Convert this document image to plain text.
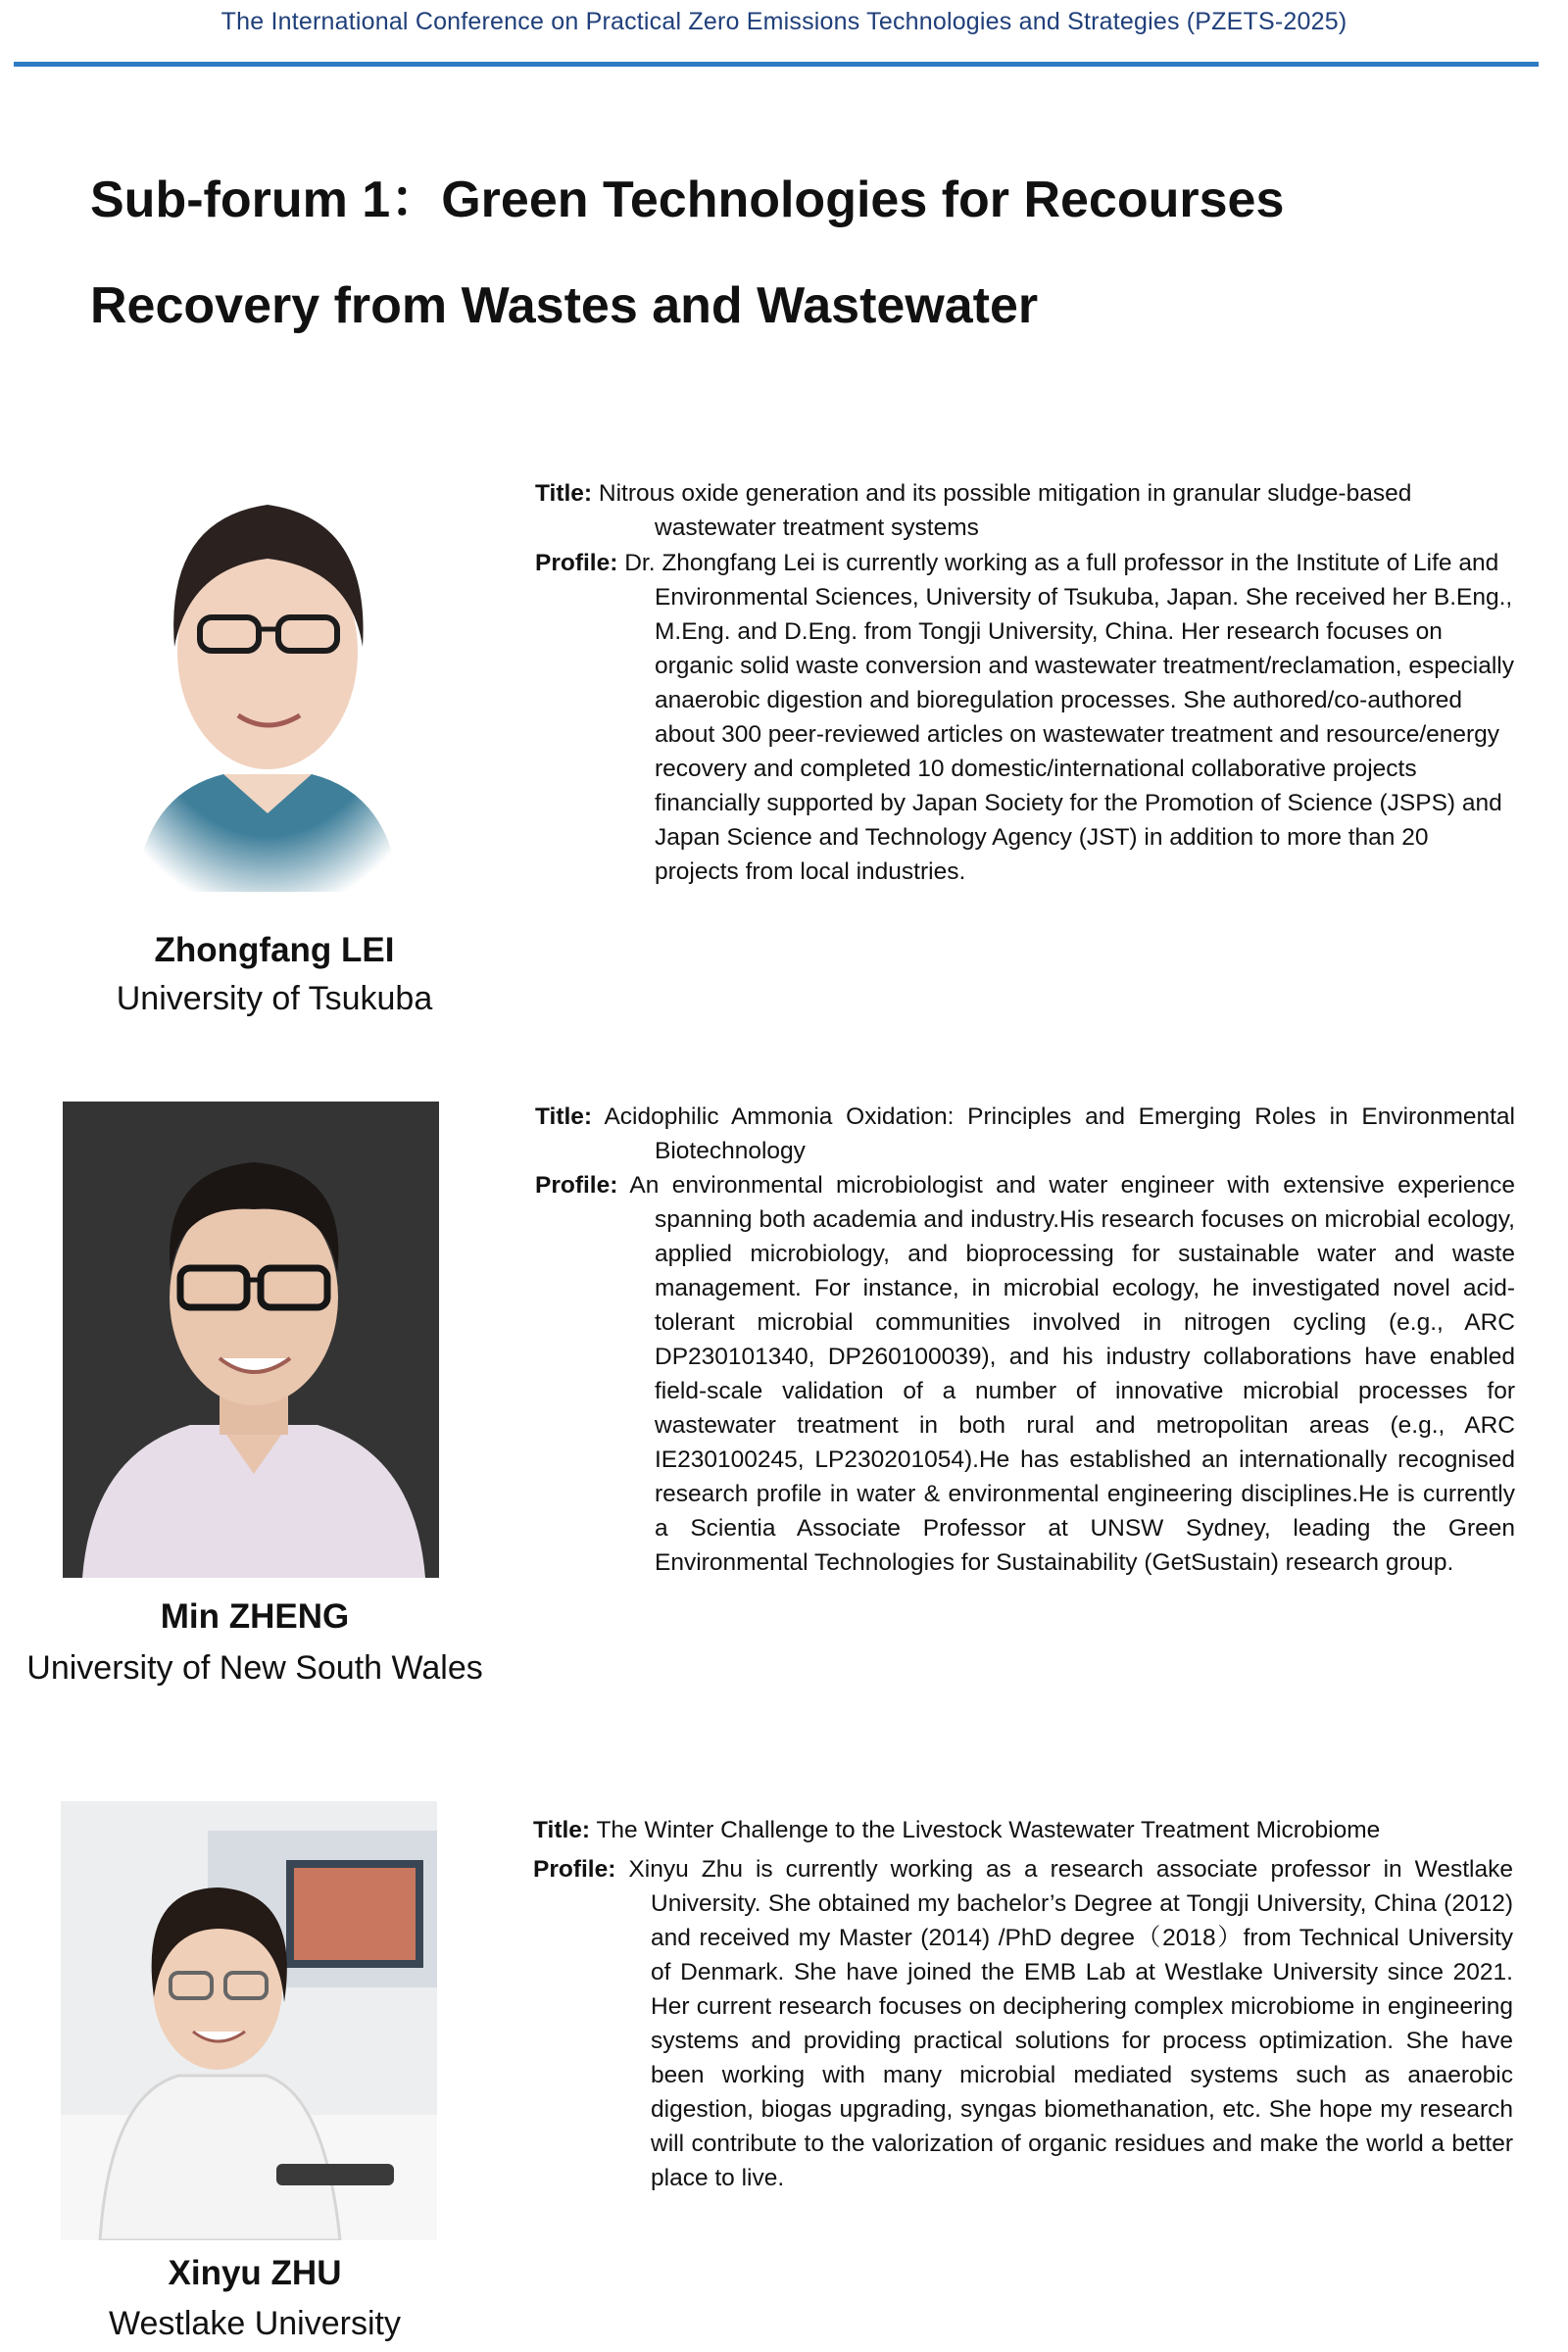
The International Conference on Practical Zero Emissions Technologies and Strategies (PZETS-2025)
Sub-forum 1：Green Technologies for Recourses
Recovery from Wastes and Wastewater
Zhongfang LEI
University of Tsukuba
Title: Nitrous oxide generation and its possible mitigation in granular sludge-based wastewater treatment systems
Profile: Dr. Zhongfang Lei is currently working as a full professor in the Institute of Life and Environmental Sciences, University of Tsukuba, Japan. She received her B.Eng., M.Eng. and D.Eng. from Tongji University, China. Her research focuses on organic solid waste conversion and wastewater treatment/reclamation, especially anaerobic digestion and bioregulation processes. She authored/co-authored about 300 peer-reviewed articles on wastewater treatment and resource/energy recovery and completed 10 domestic/international collaborative projects financially supported by Japan Society for the Promotion of Science (JSPS) and Japan Science and Technology Agency (JST) in addition to more than 20 projects from local industries.
Min ZHENG
University of New South Wales
Title: Acidophilic Ammonia Oxidation: Principles and Emerging Roles in Environmental Biotechnology
Profile: An environmental microbiologist and water engineer with extensive experience spanning both academia and industry.His research focuses on microbial ecology, applied microbiology, and bioprocessing for sustainable water and waste management. For instance, in microbial ecology, he investigated novel acid-tolerant microbial communities involved in nitrogen cycling (e.g., ARC DP230101340, DP260100039), and his industry collaborations have enabled field-scale validation of a number of innovative microbial processes for wastewater treatment in both rural and metropolitan areas (e.g., ARC IE230100245, LP230201054).He has established an internationally recognised research profile in water & environmental engineering disciplines.He is currently a Scientia Associate Professor at UNSW Sydney, leading the Green Environmental Technologies for Sustainability (GetSustain) research group.
Xinyu ZHU
Westlake University
Title: The Winter Challenge to the Livestock Wastewater Treatment Microbiome
Profile: Xinyu Zhu is currently working as a research associate professor in Westlake University. She obtained my bachelor’s Degree at Tongji University, China (2012) and received my Master (2014) /PhD degree（2018）from Technical University of Denmark. She have joined the EMB Lab at Westlake University since 2021. Her current research focuses on deciphering complex microbiome in engineering systems and providing practical solutions for process optimization. She have been working with many microbial mediated systems such as anaerobic digestion, biogas upgrading, syngas biomethanation, etc. She hope my research will contribute to the valorization of organic residues and make the world a better place to live.
